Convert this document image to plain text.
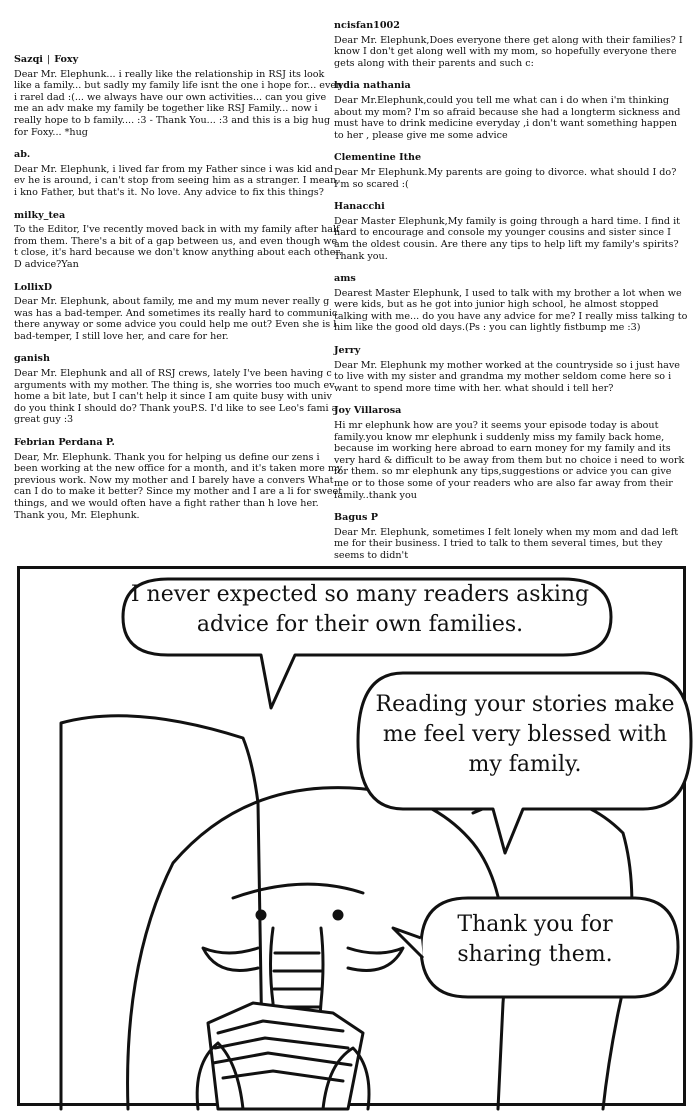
Sazqi | Foxy
Dear Mr. Elephunk... i really like the relationship in RSJ its look like a family... but sadly my family life isnt the one i hope for... even i rarel dad :(... we always have our own activities... can you give me an adv make my family be together like RSJ Family... now i really hope to b family.... :3 - Thank You... :3 and this is a big hug for Foxy... *hug
ab.
Dear Mr. Elephunk, i lived far from my Father since i was kid and ev he is around, i can't stop from seeing him as a stranger. I mean, i kno Father, but that's it. No love. Any advice to fix this things?
milky_tea
To the Editor, I've recently moved back in with my family after half from them. There's a bit of a gap between us, and even though we t close, it's hard because we don't know anything about each other. D advice?Yan
LollixD
Dear Mr. Elephunk, about family, me and my mum never really g was has a bad-temper. And sometimes its really hard to communic there anyway or some advice you could help me out? Even she is l bad-temper, I still love her, and care for her.
ganish
Dear Mr. Elephunk and all of RSJ crews, lately I've been having c arguments with my mother. The thing is, she worries too much ev home a bit late, but I can't help it since I am quite busy with univ do you think I should do? Thank youP.S. I'd like to see Leo's fami a great guy :3
Febrian Perdana P.
Dear, Mr. Elephunk. Thank you for helping us define our zens i been working at the new office for a month, and it's taken more my previous work. Now my mother and I barely have a convers What can I do to make it better? Since my mother and I are a li for sweet things, and we would often have a fight rather than h love her. Thank you, Mr. Elephunk.
ncisfan1002
Dear Mr. Elephunk,Does everyone there get along with their families? I know I don't get along well with my mom, so hopefully everyone there gets along with their parents and such c:
lydia nathania
Dear Mr.Elephunk,could you tell me what can i do when i'm thinking about my mom? I'm so afraid because she had a longterm sickness and must have to drink medicine everyday ,i don't want something happen to her , please give me some advice
Clementine Ithe
Dear Mr Elephunk.My parents are going to divorce. what should I do? I'm so scared :(
Hanacchi
Dear Master Elephunk,My family is going through a hard time. I find it hard to encourage and console my younger cousins and sister since I am the oldest cousin. Are there any tips to help lift my family's spirits? Thank you.
ams
Dearest Master Elephunk, I used to talk with my brother a lot when we were kids, but as he got into junior high school, he almost stopped talking with me... do you have any advice for me? I really miss talking to him like the good old days.(Ps : you can lightly fistbump me :3)
Jerry
Dear Mr. Elephunk my mother worked at the countryside so i just have to live with my sister and grandma my mother seldom come here so i want to spend more time with her. what should i tell her?
Joy Villarosa
Hi mr elephunk how are you? it seems your episode today is about family.you know mr elephunk i suddenly miss my family back home, because im working here abroad to earn money for my family and its very hard & difficult to be away from them but no choice i need to work for them. so mr elephunk any tips,suggestions or advice you can give me or to those some of your readers who are also far away from their family..thank you
Bagus P
Dear Mr. Elephunk, sometimes I felt lonely when my mom and dad left me for their business. I tried to talk to them several times, but they seems to didn't
I never expected so many readers asking advice for their own families.
Reading your stories make me feel very blessed with my family.
Thank you for sharing them.
